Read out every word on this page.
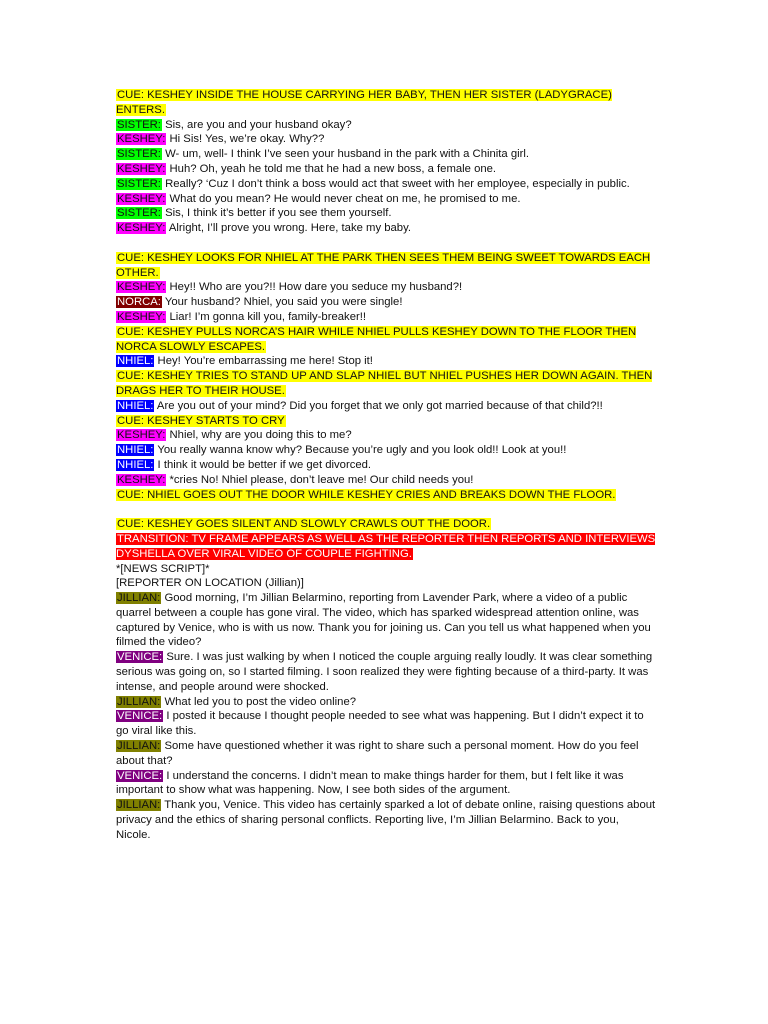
CUE: KESHEY INSIDE THE HOUSE CARRYING HER BABY, THEN HER SISTER (LADYGRACE) ENTERS.

SISTER: Sis, are you and your husband okay?

KESHEY: Hi Sis! Yes, we’re okay. Why??

SISTER: W- um, well- I think I’ve seen your husband in the park with a Chinita girl.

KESHEY: Huh? Oh, yeah he told me that he had a new boss, a female one.

SISTER: Really? ‘Cuz I don’t think a boss would act that sweet with her employee, especially in public.

KESHEY: What do you mean? He would never cheat on me, he promised to me.

SISTER: Sis, I think it’s better if you see them yourself.

KESHEY: Alright, I’ll prove you wrong. Here, take my baby.

CUE: KESHEY LOOKS FOR NHIEL AT THE PARK THEN SEES THEM BEING SWEET TOWARDS EACH OTHER.

KESHEY: Hey!! Who are you?!! How dare you seduce my husband?!

NORCA: Your husband? Nhiel, you said you were single!

KESHEY: Liar! I’m gonna kill you, family-breaker!!

CUE: KESHEY PULLS NORCA’S HAIR WHILE NHIEL PULLS KESHEY DOWN TO THE FLOOR THEN NORCA SLOWLY ESCAPES.

NHIEL: Hey! You’re embarrassing me here! Stop it!

CUE: KESHEY TRIES TO STAND UP AND SLAP NHIEL BUT NHIEL PUSHES HER DOWN AGAIN. THEN DRAGS HER TO THEIR HOUSE.

NHIEL: Are you out of your mind? Did you forget that we only got married because of that child?!!

CUE: KESHEY STARTS TO CRY

KESHEY: Nhiel, why are you doing this to me?

NHIEL: You really wanna know why? Because you’re ugly and you look old!! Look at you!!

NHIEL: I think it would be better if we get divorced.

KESHEY: *cries No! Nhiel please, don’t leave me! Our child needs you!

CUE: NHIEL GOES OUT THE DOOR WHILE KESHEY CRIES AND BREAKS DOWN THE FLOOR.

CUE: KESHEY GOES SILENT AND SLOWLY CRAWLS OUT THE DOOR.

TRANSITION: TV FRAME APPEARS AS WELL AS THE REPORTER THEN REPORTS AND INTERVIEWS DYSHELLA OVER VIRAL VIDEO OF COUPLE FIGHTING.

*[NEWS SCRIPT]*

[REPORTER ON LOCATION (Jillian)]

JILLIAN: Good morning, I’m Jillian Belarmino, reporting from Lavender Park, where a video of a public quarrel between a couple has gone viral. The video, which has sparked widespread attention online, was captured by Venice, who is with us now. Thank you for joining us. Can you tell us what happened when you filmed the video?

VENICE: Sure. I was just walking by when I noticed the couple arguing really loudly. It was clear something serious was going on, so I started filming. I soon realized they were fighting because of a third-party. It was intense, and people around were shocked.

JILLIAN: What led you to post the video online?

VENICE: I posted it because I thought people needed to see what was happening. But I didn’t expect it to go viral like this.

JILLIAN: Some have questioned whether it was right to share such a personal moment. How do you feel about that?

VENICE: I understand the concerns. I didn’t mean to make things harder for them, but I felt like it was important to show what was happening. Now, I see both sides of the argument.

JILLIAN: Thank you, Venice. This video has certainly sparked a lot of debate online, raising questions about privacy and the ethics of sharing personal conflicts. Reporting live, I’m Jillian Belarmino. Back to you, Nicole.
